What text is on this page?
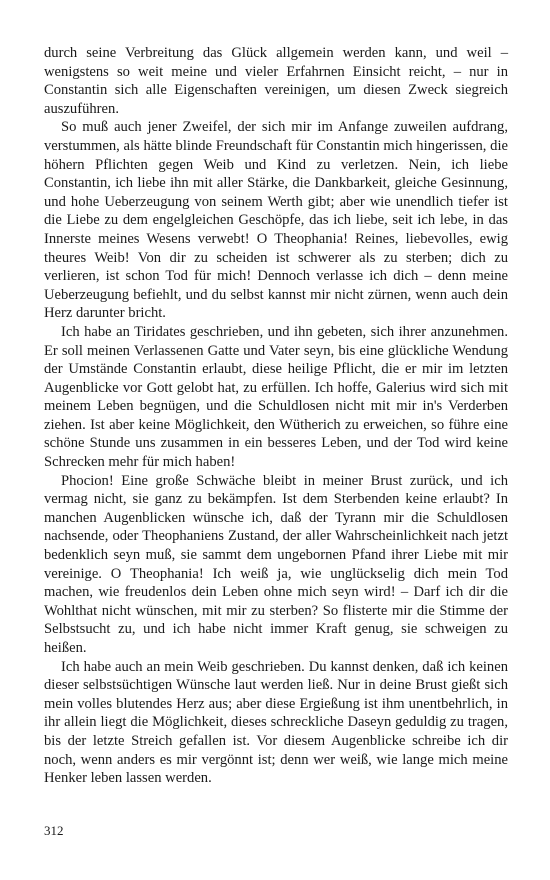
durch seine Verbreitung das Glück allgemein werden kann, und weil – wenigstens so weit meine und vieler Erfahrnen Einsicht reicht, – nur in Constantin sich alle Eigenschaften vereinigen, um diesen Zweck siegreich auszuführen.

So muß auch jener Zweifel, der sich mir im Anfange zuweilen aufdrang, verstummen, als hätte blinde Freundschaft für Constantin mich hingerissen, die höhern Pflichten gegen Weib und Kind zu verletzen. Nein, ich liebe Constantin, ich liebe ihn mit aller Stärke, die Dankbarkeit, gleiche Gesinnung, und hohe Ueberzeugung von seinem Werth gibt; aber wie unendlich tiefer ist die Liebe zu dem engelgleichen Geschöpfe, das ich liebe, seit ich lebe, in das Innerste meines Wesens verwebt! O Theophania! Reines, liebevolles, ewig theures Weib! Von dir zu scheiden ist schwerer als zu sterben; dich zu verlieren, ist schon Tod für mich! Dennoch verlasse ich dich – denn meine Ueberzeugung befiehlt, und du selbst kannst mir nicht zürnen, wenn auch dein Herz darunter bricht.

Ich habe an Tiridates geschrieben, und ihn gebeten, sich ihrer anzunehmen. Er soll meinen Verlassenen Gatte und Vater seyn, bis eine glückliche Wendung der Umstände Constantin erlaubt, diese heilige Pflicht, die er mir im letzten Augenblicke vor Gott gelobt hat, zu erfüllen. Ich hoffe, Galerius wird sich mit meinem Leben begnügen, und die Schuldlosen nicht mit mir in's Verderben ziehen. Ist aber keine Möglichkeit, den Wütherich zu erweichen, so führe eine schöne Stunde uns zusammen in ein besseres Leben, und der Tod wird keine Schrecken mehr für mich haben!

Phocion! Eine große Schwäche bleibt in meiner Brust zurück, und ich vermag nicht, sie ganz zu bekämpfen. Ist dem Sterbenden keine erlaubt? In manchen Augenblicken wünsche ich, daß der Tyrann mir die Schuldlosen nachsende, oder Theophaniens Zustand, der aller Wahrscheinlichkeit nach jetzt bedenklich seyn muß, sie sammt dem ungebornen Pfand ihrer Liebe mit mir vereinige. O Theophania! Ich weiß ja, wie unglückselig dich mein Tod machen, wie freudenlos dein Leben ohne mich seyn wird! – Darf ich dir die Wohlthat nicht wünschen, mit mir zu sterben? So flisterte mir die Stimme der Selbstsucht zu, und ich habe nicht immer Kraft genug, sie schweigen zu heißen.

Ich habe auch an mein Weib geschrieben. Du kannst denken, daß ich keinen dieser selbstsüchtigen Wünsche laut werden ließ. Nur in deine Brust gießt sich mein volles blutendes Herz aus; aber diese Ergießung ist ihm unentbehrlich, in ihr allein liegt die Möglichkeit, dieses schreckliche Daseyn geduldig zu tragen, bis der letzte Streich gefallen ist. Vor diesem Augenblicke schreibe ich dir noch, wenn anders es mir vergönnt ist; denn wer weiß, wie lange mich meine Henker leben lassen werden.

312
